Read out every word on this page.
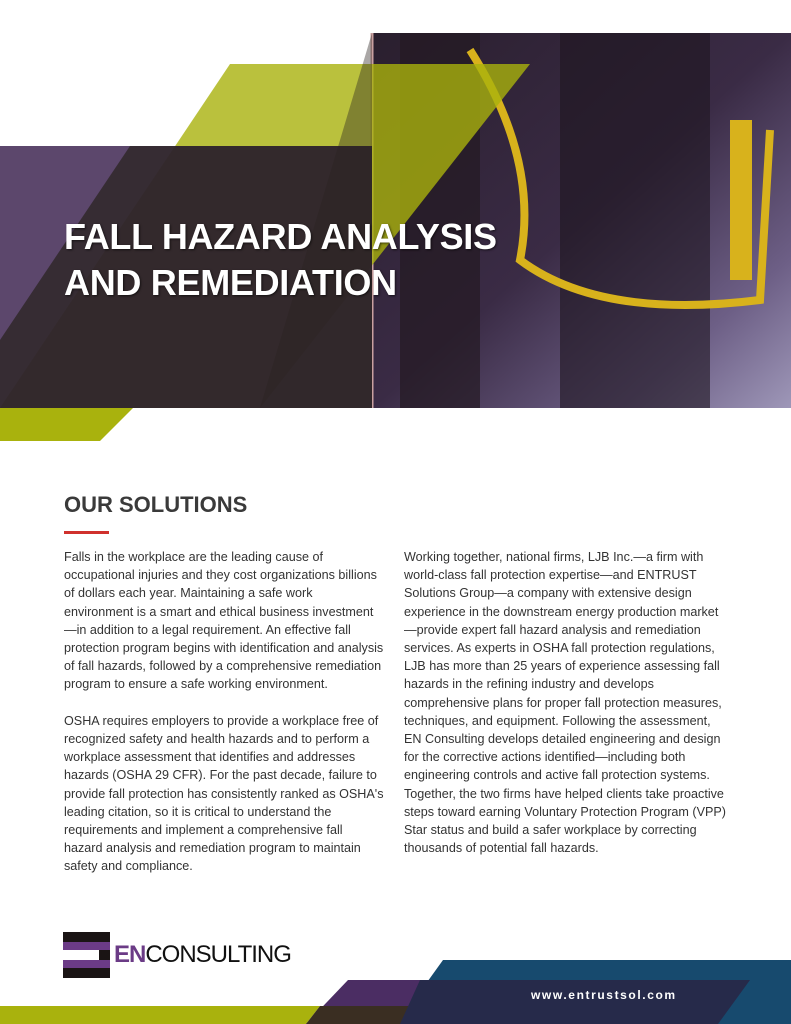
FALL HAZARD ANALYSIS
AND REMEDIATION
OUR SOLUTIONS

Falls in the workplace are the leading cause of occupational injuries and they cost organizations billions of dollars each year. Maintaining a safe work environment is a smart and ethical business investment—in addition to a legal requirement. An effective fall protection program begins with identification and analysis of fall hazards, followed by a comprehensive remediation program to ensure a safe working environment.

OSHA requires employers to provide a workplace free of recognized safety and health hazards and to perform a workplace assessment that identifies and addresses hazards (OSHA 29 CFR). For the past decade, failure to provide fall protection has consistently ranked as OSHA's leading citation, so it is critical to understand the requirements and implement a comprehensive fall hazard analysis and remediation program to maintain safety and compliance.

Working together, national firms, LJB Inc.—a firm with world-class fall protection expertise—and ENTRUST Solutions Group—a company with extensive design experience in the downstream energy production market—provide expert fall hazard analysis and remediation services. As experts in OSHA fall protection regulations, LJB has more than 25 years of experience assessing fall hazards in the refining industry and develops comprehensive plans for proper fall protection measures, techniques, and equipment. Following the assessment, EN Consulting develops detailed engineering and design for the corrective actions identified—including both engineering controls and active fall protection systems. Together, the two firms have helped clients take proactive steps toward earning Voluntary Protection Program (VPP) Star status and build a safer workplace by correcting thousands of potential fall hazards.

ENCONSULTING
www.entrustsol.com
